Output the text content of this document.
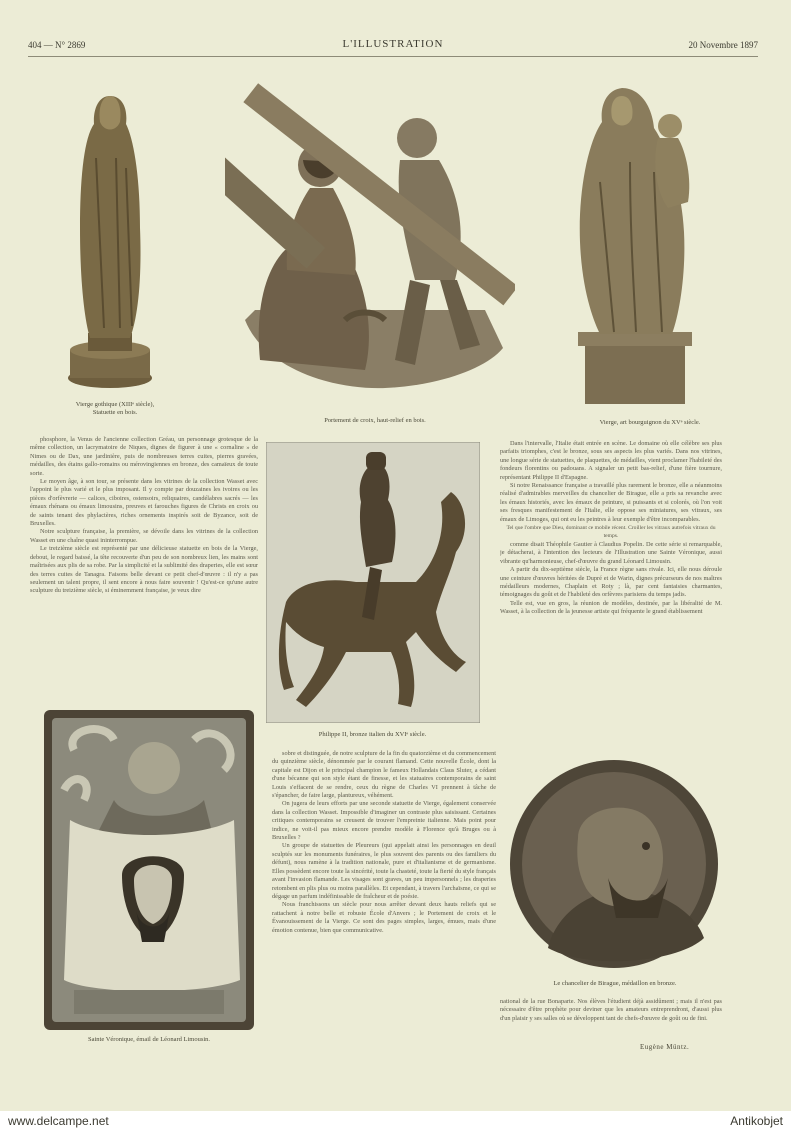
404 — N° 2869	L'ILLUSTRATION	20 Novembre 1897
Vierge gothique (XIIIᵉ siècle),
Statuette en bois.
Portement de croix, haut-relief en bois.	Vierge, art bourguignon du XVᵉ siècle.

phosphore, la Venus de l'ancienne collection Gréau, un personnage grotesque de la même collection, un lacrymatoire de Niques, dignes de figurer à une « cornaline » de Nimes ou de Dax, une jardinière, puis de nombreuses terres cuites, pierres gravées, médailles, des étains gallo-romains ou mérovingiennes en bronze, des camaïeux de toute sorte.

Le moyen âge, à son tour, se présente dans les vitrines de la collection Wasset avec l'appoint le plus varié et le plus imposant. Il y compte par douzaines les ivoires ou les pièces d'orfèvrerie — calices, ciboires, ostensoirs, reliquaires, candélabres sacrés — les émaux rhénans ou émaux limousins, preuves et farouches figures de Christs en croix ou de saints tenant des phylactères, riches ornements inspirés soit de Byzance, soit de Bruxelles.

Notre sculpture française, la première, se dévoile dans les vitrines de la collection Wasset en une chaîne quasi ininterrompue.

Le treizième siècle est représenté par une délicieuse statuette en bois de la Vierge, debout, le regard baissé, la tête recouverte d'un peu de son nombreux lien, les mains sont maîtrisées aux plis de sa robe. Par la simplicité et la sublimité des draperies, elle est sœur des terres cuites de Tanagra. Faisons belle devant ce petit chef-d'œuvre : il n'y a pas seulement un talent propre, il sent encore à nous faire souvenir ! Qu'est-ce qu'une autre sculpture du treizième siècle, si éminemment française, je veux dire

Philippe II, bronze italien du XVIᵉ siècle.

sobre et distinguée, de notre sculpture de la fin du quatorzième et du commencement du quinzième siècle, dénommée par le courant flamand. Cette nouvelle École, dont la capitale est Dijon et le principal champion le fameux Hollandais Claus Sluter, a cédant d'une bécanne qui son style étant de finesse, et les statuaires contemporains de saint Louis s'effacent de se rendre, ceux du règne de Charles VI prennent à tâche de s'épancher, de faire large, plantureux, véhément.

On jugera de leurs efforts par une seconde statuette de Vierge, également conservée dans la collection Wasset. Impossible d'imaginer un contraste plus saisissant. Certaines critiques contemporains se creusent de trouver l'empreinte italienne. Mais point pour indice, ne voit-il pas mieux encore prendre modèle à Florence qu'à Bruges ou à Bruxelles ?

Un groupe de statuettes de Pleureurs (qui appelait ainsi les personnages en deuil sculptés sur les monuments funéraires, le plus souvent des parents ou des familiers du défunt), nous ramène à la tradition nationale, pure et d'italianisme et de germanisme. Elles possèdent encore toute la sincérité, toute la chasteté, toute la fierté du style français avant l'invasion flamande. Les visages sont graves, un peu impersonnels ; les draperies retombent en plis plus ou moins parallèles. Et cependant, à travers l'archaïsme, ce qui se dégage un parfum indéfinissable de fraîcheur et de poésie.

Nous franchissons un siècle pour nous arrêter devant deux hauts reliefs qui se rattachent à notre belle et robuste École d'Anvers ; le Portement de croix et le Évanouissement de la Vierge. Ce sont des pages simples, larges, émues, mais d'une émotion contenue, bien que communicative.

Dans l'intervalle, l'Italie était entrée en scène. Le domaine où elle célèbre ses plus parfaits triomphes, c'est le bronze, sous ses aspects les plus variés. Dans nos vitrines, une longue série de statuettes, de plaquettes, de médailles, vient proclamer l'habileté des fondeurs florentins ou padouans. A signaler un petit bas-relief, d'une fière tournure, représentant Philippe II d'Espagne.

Si notre Renaissance française a travaillé plus rarement le bronze, elle a néanmoins réalisé d'admirables merveilles du chancelier de Birague, elle a pris sa revanche avec les émaux historiés, avec les émaux de peinture, si puissants et si colorés, où l'on voit ses fresques manifestement de l'Italie, elle oppose ses miniatures, ses vitraux, ses émaux de Limoges, qui ont eu les peintres à leur exemple d'être incomparables.

Tel que l'ombre que Dieu, dominant ce mobile récent. Croiller les vitraux autrefois vitraux du temps.

comme disait Théophile Gautier à Claudius Popelin. De cette série si remarquable, je détacherai, à l'intention des lecteurs de l'Illustration une Sainte Véronique, aussi vibrante qu'harmonieuse, chef-d'œuvre du grand Léonard Limousin.

A partir du dix-septième siècle, la France règne sans rivale. Ici, elle nous déroule une ceinture d'œuvres héritées de Dupré et de Warin, dignes précurseurs de nos maîtres médailleurs modernes, Chaplain et Roty ; là, par cent fantaisies charmantes, témoignages du goût et de l'habileté des orfèvres parisiens du temps jadis.

Telle est, vue en gros, la réunion de modèles, destinée, par la libéralité de M. Wasset, à la collection de la jeunesse artiste qui fréquente le grand établissement

Sainte Véronique, émail de Léonard Limousin.
Le chancelier de Birague, médaillon en bronze.

national de la rue Bonaparte. Nos élèves l'étudient déjà assidûment ; mais il n'est pas nécessaire d'être prophète pour deviner que les amateurs entreprendront, d'aussi plus d'un plaisir y ses salles où se développent tant de chefs-d'œuvre de goût ou de fini.

Eugène Müntz.
www.delcampe.net	Antikobjet
